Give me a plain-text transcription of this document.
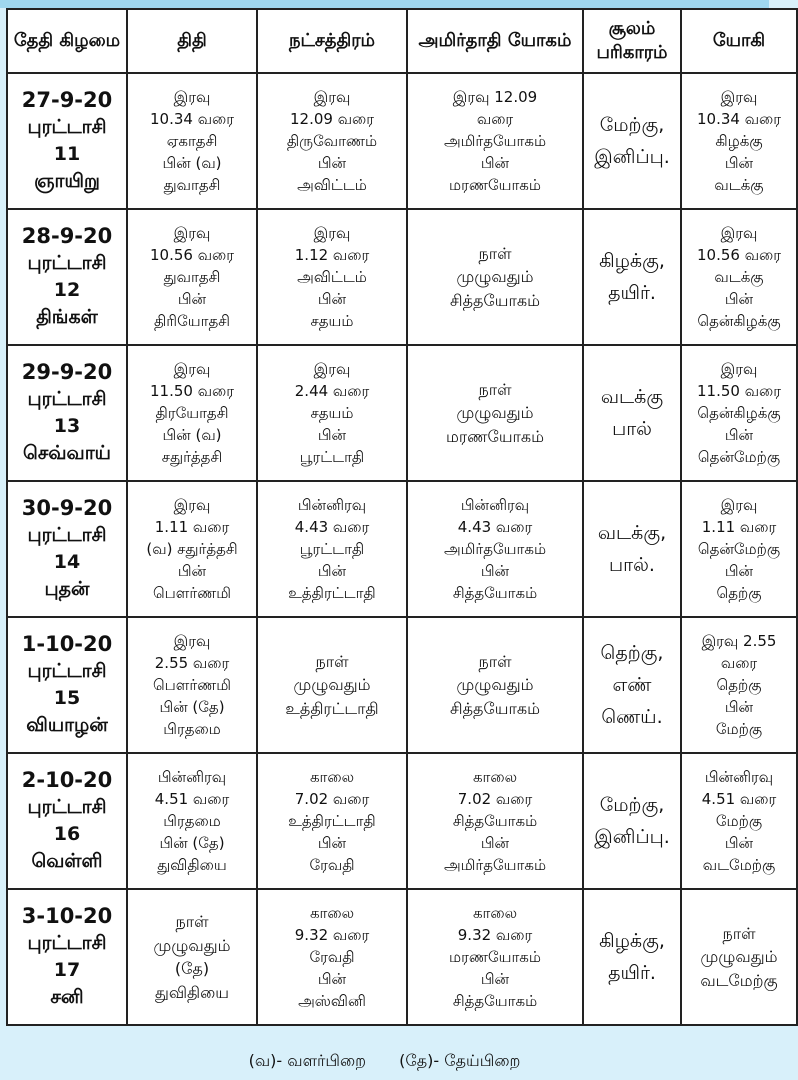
தேதி கிழமை	திதி	நட்சத்திரம்	அமிர்தாதி யோகம்	சூலம் பரிகாரம்	யோகி

27-9-20
புரட்டாசி
11
ஞாயிறு	இரவு
10.34 வரை
ஏகாதசி
பின் (வ)
துவாதசி	இரவு
12.09 வரை
திருவோணம்
பின்
அவிட்டம்	இரவு 12.09
வரை
அமிர்தயோகம்
பின்
மரணயோகம்	மேற்கு,
இனிப்பு.	இரவு
10.34 வரை
கிழக்கு
பின்
வடக்கு

28-9-20
புரட்டாசி
12
திங்கள்	இரவு
10.56 வரை
துவாதசி
பின்
திரியோதசி	இரவு
1.12 வரை
அவிட்டம்
பின்
சதயம்	நாள்
முழுவதும்
சித்தயோகம்	கிழக்கு,
தயிர்.	இரவு
10.56 வரை
வடக்கு
பின்
தென்கிழக்கு

29-9-20
புரட்டாசி
13
செவ்வாய்	இரவு
11.50 வரை
திரயோதசி
பின் (வ)
சதுர்த்தசி	இரவு
2.44 வரை
சதயம்
பின்
பூரட்டாதி	நாள்
முழுவதும்
மரணயோகம்	வடக்கு
பால்	இரவு
11.50 வரை
தென்கிழக்கு
பின்
தென்மேற்கு

30-9-20
புரட்டாசி
14
புதன்	இரவு
1.11 வரை
(வ) சதுர்த்தசி
பின்
பௌர்ணமி	பின்னிரவு
4.43 வரை
பூரட்டாதி
பின்
உத்திரட்டாதி	பின்னிரவு
4.43 வரை
அமிர்தயோகம்
பின்
சித்தயோகம்	வடக்கு,
பால்.	இரவு
1.11 வரை
தென்மேற்கு
பின்
தெற்கு

1-10-20
புரட்டாசி
15
வியாழன்	இரவு
2.55 வரை
பௌர்ணமி
பின் (தே)
பிரதமை	நாள்
முழுவதும்
உத்திரட்டாதி	நாள்
முழுவதும்
சித்தயோகம்	தெற்கு,
எண்
ணெய்.	இரவு 2.55
வரை
தெற்கு
பின்
மேற்கு

2-10-20
புரட்டாசி
16
வெள்ளி	பின்னிரவு
4.51 வரை
பிரதமை
பின் (தே)
துவிதியை	காலை
7.02 வரை
உத்திரட்டாதி
பின்
ரேவதி	காலை
7.02 வரை
சித்தயோகம்
பின்
அமிர்தயோகம்	மேற்கு,
இனிப்பு.	பின்னிரவு
4.51 வரை
மேற்கு
பின்
வடமேற்கு

3-10-20
புரட்டாசி
17
சனி	நாள்
முழுவதும்
(தே)
துவிதியை	காலை
9.32 வரை
ரேவதி
பின்
அஸ்வினி	காலை
9.32 வரை
மரணயோகம்
பின்
சித்தயோகம்	கிழக்கு,
தயிர்.	நாள்
முழுவதும்
வடமேற்கு
(வ)- வளர்பிறை (தே)- தேய்பிறை
